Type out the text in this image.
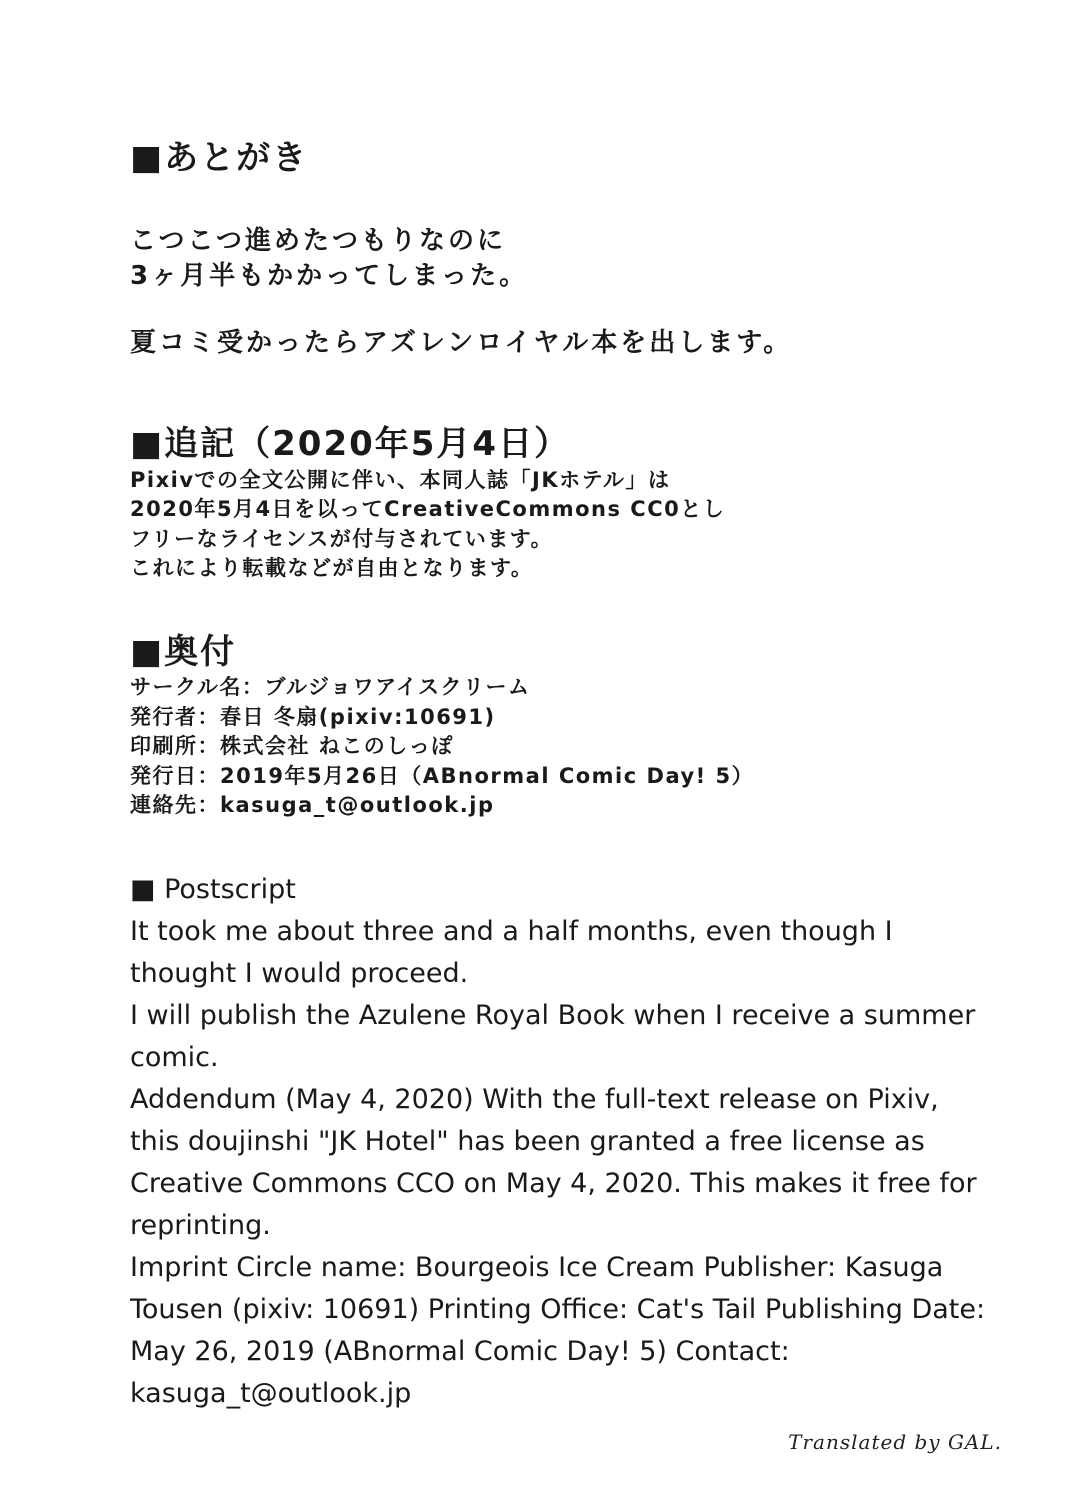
■あとがき
こつこつ進めたつもりなのに
3ヶ月半もかかってしまった。
夏コミ受かったらアズレンロイヤル本を出します。
■追記（2020年5月4日）
Pixivでの全文公開に伴い、本同人誌「JKホテル」は
2020年5月4日を以ってCreativeCommons CC0とし
フリーなライセンスが付与されています。
これにより転載などが自由となります。
■奥付
サークル名：ブルジョワアイスクリーム
発行者：春日 冬扇(pixiv:10691)
印刷所：株式会社 ねこのしっぽ
発行日：2019年5月26日（ABnormal Comic Day! 5）
連絡先：kasuga_t@outlook.jp
■ Postscript
It took me about three and a half months, even though I
thought I would proceed.
I will publish the Azulene Royal Book when I receive a summer
comic.
Addendum (May 4, 2020) With the full-text release on Pixiv,
this doujinshi "JK Hotel" has been granted a free license as
Creative Commons CCO on May 4, 2020. This makes it free for
reprinting.
Imprint Circle name: Bourgeois Ice Cream Publisher: Kasuga
Tousen (pixiv: 10691) Printing Office: Cat's Tail Publishing Date:
May 26, 2019 (ABnormal Comic Day! 5) Contact:
kasuga_t@outlook.jp
Translated by GAL.
